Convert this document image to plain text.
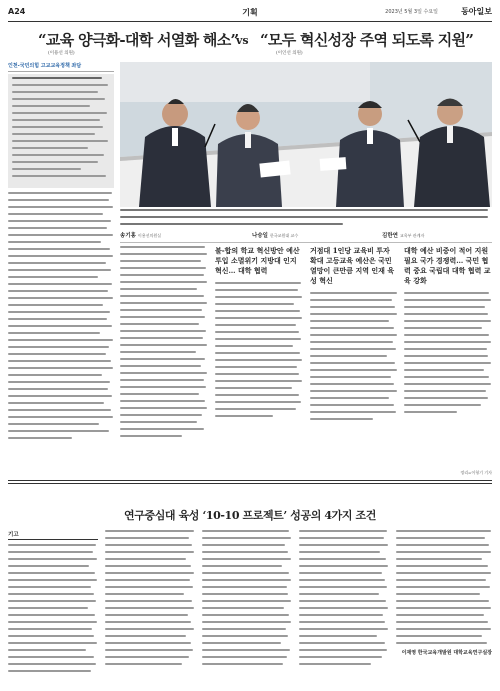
A24	기획	2023년 5월 3일 수요일	동아일보
“교육 양극화-대학 서열화 해소”
vs “모두 혁신성장 주역 되도록 지원”
(이용선 의원)	(이인선 의원)
인천-국민의힘 고교교육정책 좌담
송기홍 이용선의원실	나승일 한국교원대 교수	김한연 교육부 관계자
불-합의 학교 혁신방안 예산투입 소멸위기 지방대 인지 혁신… 대학 협력
거점대 1인당 교육비 투자 확대 고등교육 예산은 국민 열망이 큰만큼 지역 인재 육성 혁신
대학 예산 비중이 적어 지원 필요 국가 경쟁력… 국민 협력 중요 국립대 대학 협력 교육 강화
정리=이형기 기자
연구중심대 육성 ‘10-10 프로젝트’ 성공의 4가지 조건
기고
이재영 한국교육개발원 대학교육연구실장
